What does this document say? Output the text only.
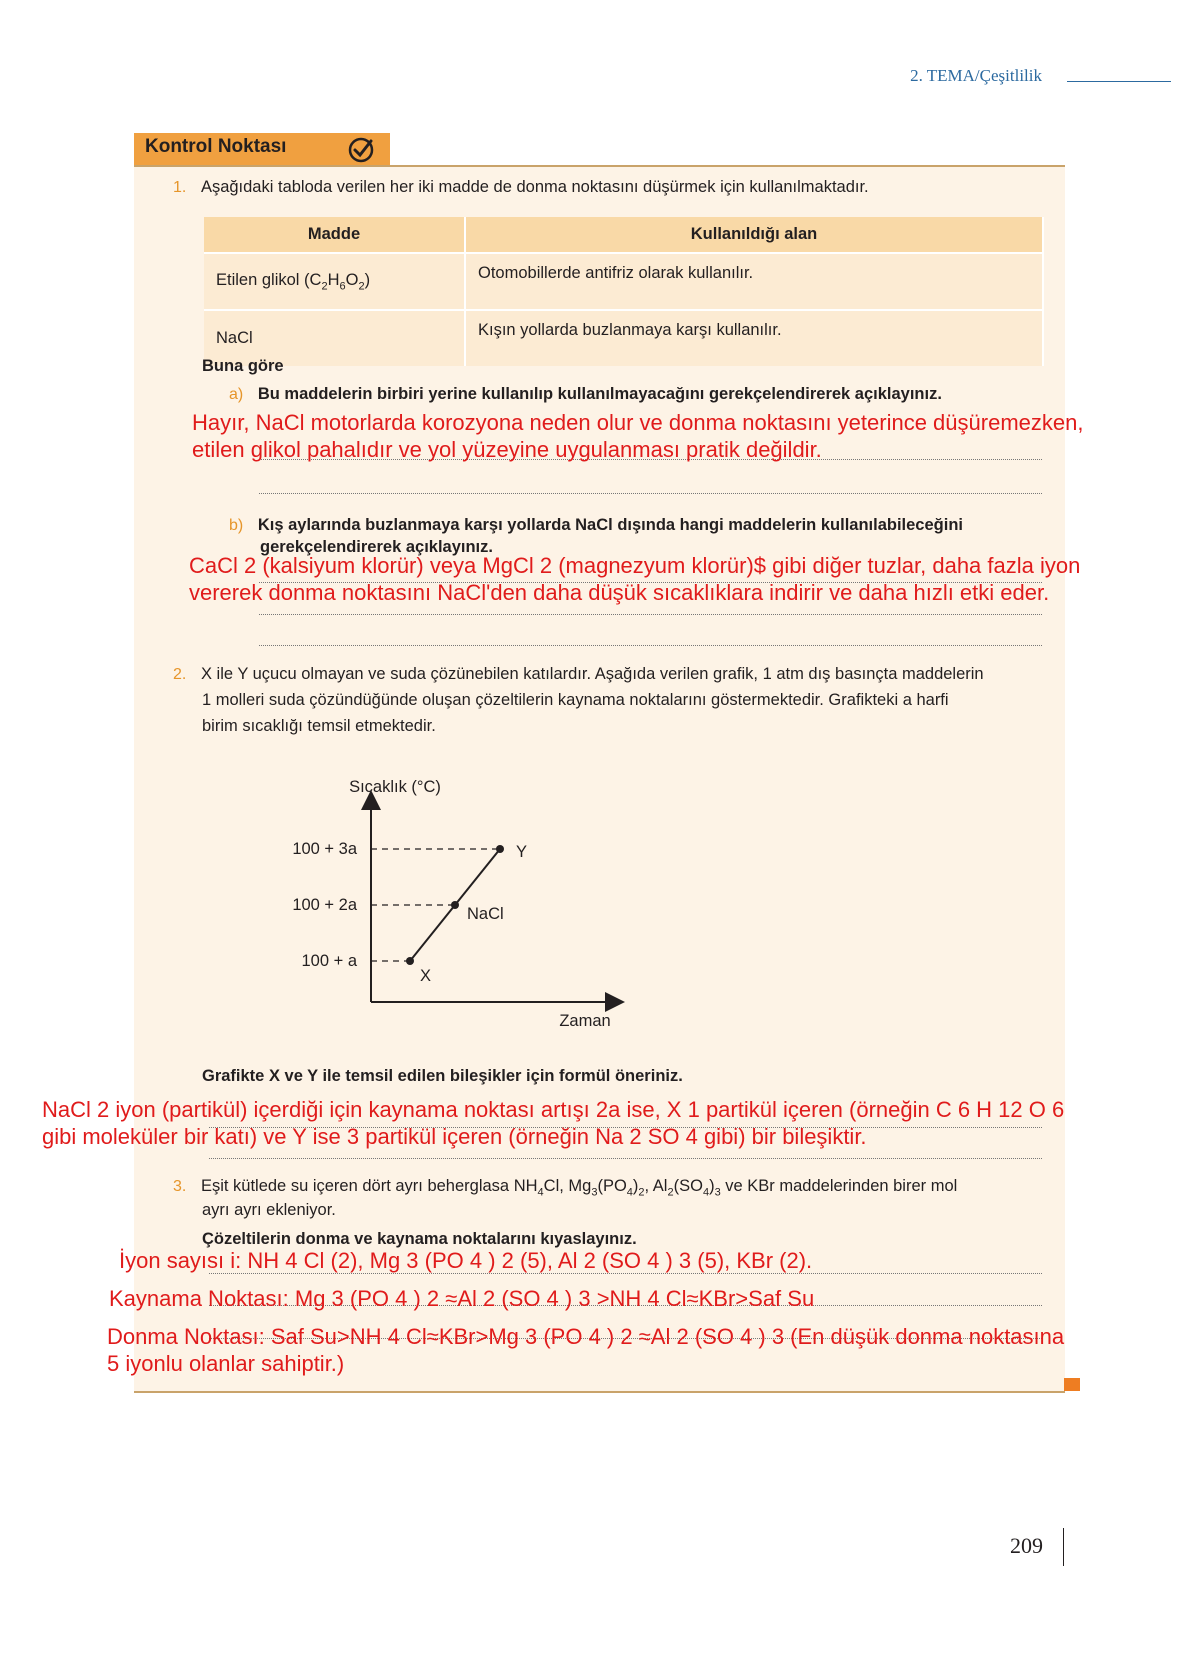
2. TEMA/Çeşitlilik
Kontrol Noktası
1. Aşağıdaki tabloda verilen her iki madde de donma noktasını düşürmek için kullanılmaktadır.
Madde	Kullanıldığı alan
Etilen glikol $(C_2H_6O_2)$	Otomobillerde antifriz olarak kullanılır.
NaCl	Kışın yollarda buzlanmaya karşı kullanılır.
Buna göre
a) Bu maddelerin birbiri yerine kullanılıp kullanılmayacağını gerekçelendirerek açıklayınız.
b) Kış aylarında buzlanmaya karşı yollarda NaCl dışında hangi maddelerin kullanılabileceğini
gerekçelendirerek açıklayınız.
2. X ile Y uçucu olmayan ve suda çözünebilen katılardır. Aşağıda verilen grafik, 1 atm dış basınçta maddelerin
1 molleri suda çözündüğünde oluşan çözeltilerin kaynama noktalarını göstermektedir. Grafikteki a harfi
birim sıcaklığı temsil etmektedir.
Sıcaklık (°C)
Zaman
100 + a
100 + 2a
100 + 3a
X
NaCl
Y
Grafikte X ve Y ile temsil edilen bileşikler için formül öneriniz.
3. Eşit kütlede su içeren dört ayrı beherglasa $NH_4Cl$, $Mg_3(PO_4)_2$, $Al_2(SO_4)_3$ ve KBr maddelerinden birer mol
ayrı ayrı ekleniyor.
Çözeltilerin donma ve kaynama noktalarını kıyaslayınız.
Hayır, NaCl motorlarda korozyona neden olur ve donma noktasını yeterince düşüremezken,
etilen glikol pahalıdır ve yol yüzeyine uygulanması pratik değildir.
CaCl 2 (kalsiyum klorür) veya MgCl 2 (magnezyum klorür)$ gibi diğer tuzlar, daha fazla iyon
vererek donma noktasını NaCl'den daha düşük sıcaklıklara indirir ve daha hızlı etki eder.
NaCl 2 iyon (partikül) içerdiği için kaynama noktası artışı 2a ise, X 1 partikül içeren (örneğin C 6 H 12 O 6
gibi moleküler bir katı) ve Y ise 3 partikül içeren (örneğin Na 2 SO 4 gibi) bir bileşiktir.
İyon sayısı i: NH 4 Cl (2), Mg 3 (PO 4 ) 2 (5), Al 2 (SO 4 ) 3 (5), KBr (2).
Kaynama Noktası: Mg 3 (PO 4 ) 2 ≈Al 2 (SO 4 ) 3 >NH 4 Cl≈KBr>Saf Su
Donma Noktası: Saf Su>NH 4 Cl≈KBr>Mg 3 (PO 4 ) 2 ≈Al 2 (SO 4 ) 3 (En düşük donma noktasına
5 iyonlu olanlar sahiptir.)
209
